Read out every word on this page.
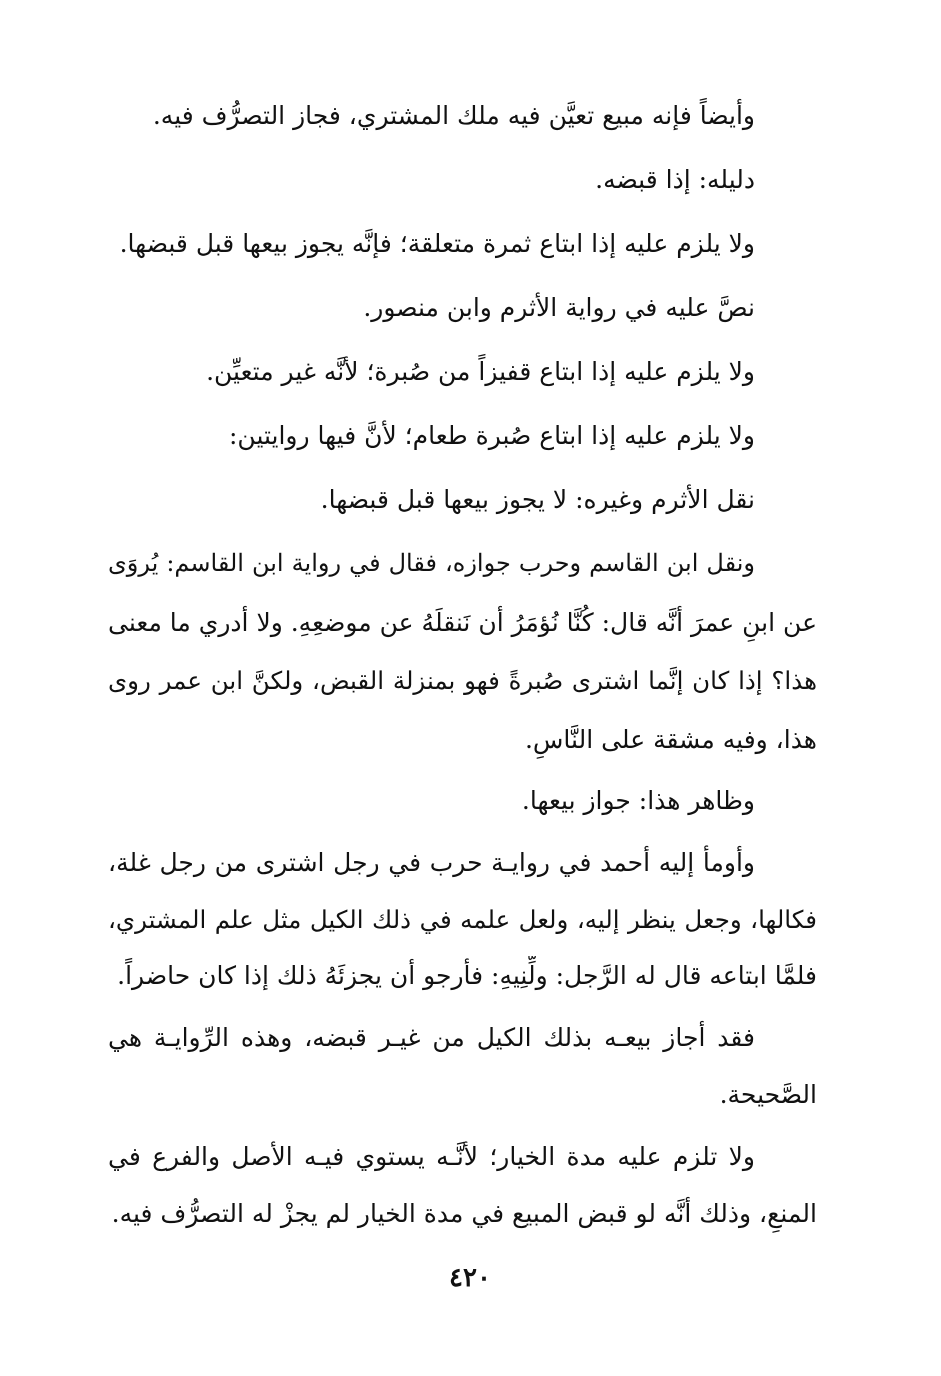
وأيضاً فإنه مبيع تعيَّن فيه ملك المشتري، فجاز التصرُّف فيه.
دليله: إذا قبضه.
ولا يلزم عليه إذا ابتاع ثمرة متعلقة؛ فإنَّه يجوز بيعها قبل قبضها.
نصَّ عليه في رواية الأثرم وابن منصور.
ولا يلزم عليه إذا ابتاع قفيزاً من صُبرة؛ لأنَّه غير متعيِّن.
ولا يلزم عليه إذا ابتاع صُبرة طعام؛ لأنَّ فيها روايتين:
نقل الأثرم وغيره: لا يجوز بيعها قبل قبضها.
ونقل ابن القاسم وحرب جوازه، فقال في رواية ابن القاسم: يُروَى
عن ابنِ عمرَ أنَّه قال: كُنَّا نُؤمَرُ أن نَنقلَهُ عن موضعِهِ. ولا أدري ما معنى
هذا؟ إذا كان إنَّما اشترى صُبرةً فهو بمنزلة القبض، ولكنَّ ابن عمر روى
هذا، وفيه مشقة على النَّاسِ.
وظاهر هذا: جواز بيعها.
وأومأ إليه أحمد في روايـة حرب في رجل اشترى من رجل غلة،
فكالها، وجعل ينظر إليه، ولعل علمه في ذلك الكيل مثل علم المشتري،
فلمَّا ابتاعه قال له الرَّجل: ولِّنِيهِ: فأرجو أن يجزئَهُ ذلك إذا كان حاضراً.
فقد أجاز بيعـه بذلك الكيل من غيـر قبضه، وهذه الرِّوايـة هي
الصَّحيحة.
ولا تلزم عليه مدة الخيار؛ لأنَّـه يستوي فيـه الأصل والفرع في
المنعِ، وذلك أنَّه لو قبض المبيع في مدة الخيار لم يجزْ له التصرُّف فيه.
٤٢٠
